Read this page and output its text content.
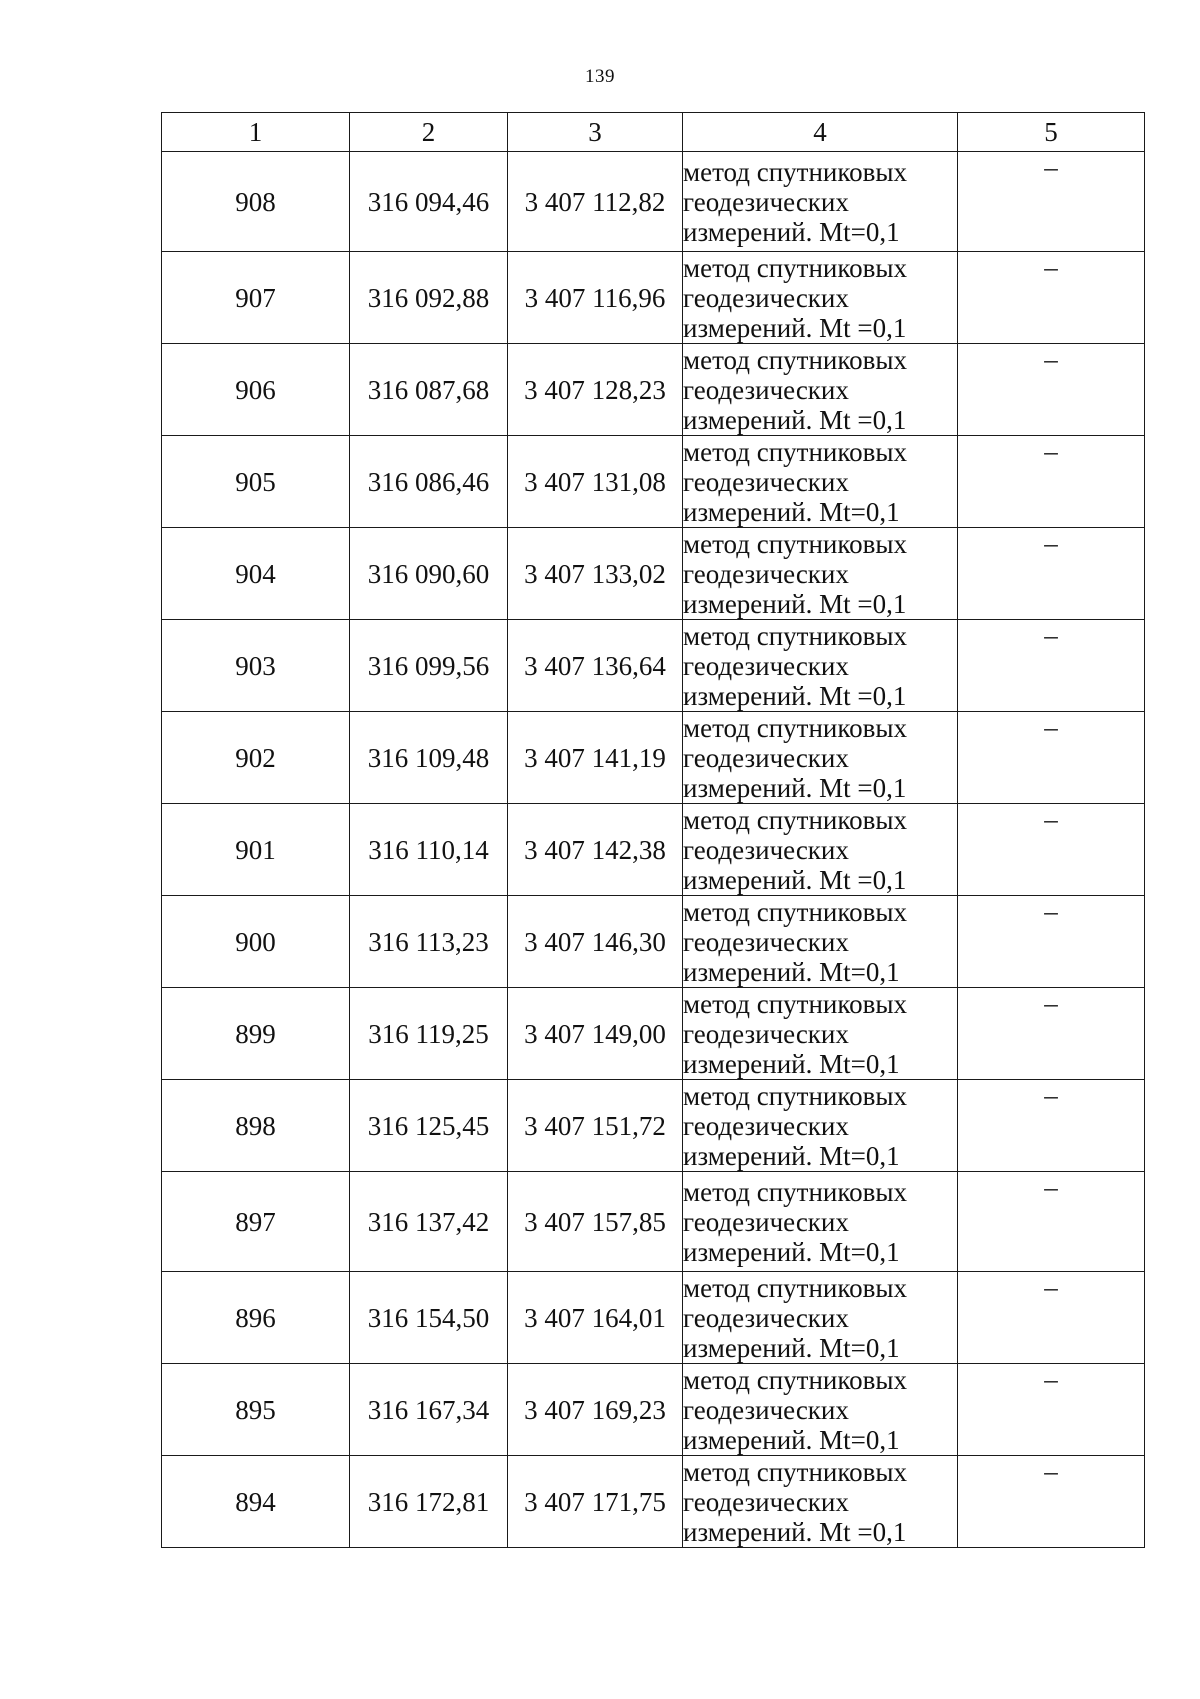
139
1	2	3	4	5
908	316 094,46	3 407 112,82	метод спутниковых
геодезических
измерений. Mt=0,1	–
907	316 092,88	3 407 116,96	метод спутниковых
геодезических
измерений. Mt =0,1	–
906	316 087,68	3 407 128,23	метод спутниковых
геодезических
измерений. Mt =0,1	–
905	316 086,46	3 407 131,08	метод спутниковых
геодезических
измерений. Mt=0,1	–
904	316 090,60	3 407 133,02	метод спутниковых
геодезических
измерений. Mt =0,1	–
903	316 099,56	3 407 136,64	метод спутниковых
геодезических
измерений. Mt =0,1	–
902	316 109,48	3 407 141,19	метод спутниковых
геодезических
измерений. Mt =0,1	–
901	316 110,14	3 407 142,38	метод спутниковых
геодезических
измерений. Mt =0,1	–
900	316 113,23	3 407 146,30	метод спутниковых
геодезических
измерений. Mt=0,1	–
899	316 119,25	3 407 149,00	метод спутниковых
геодезических
измерений. Mt=0,1	–
898	316 125,45	3 407 151,72	метод спутниковых
геодезических
измерений. Mt=0,1	–
897	316 137,42	3 407 157,85	метод спутниковых
геодезических
измерений. Mt=0,1	–
896	316 154,50	3 407 164,01	метод спутниковых
геодезических
измерений. Mt=0,1	–
895	316 167,34	3 407 169,23	метод спутниковых
геодезических
измерений. Mt=0,1	–
894	316 172,81	3 407 171,75	метод спутниковых
геодезических
измерений. Mt =0,1	–
